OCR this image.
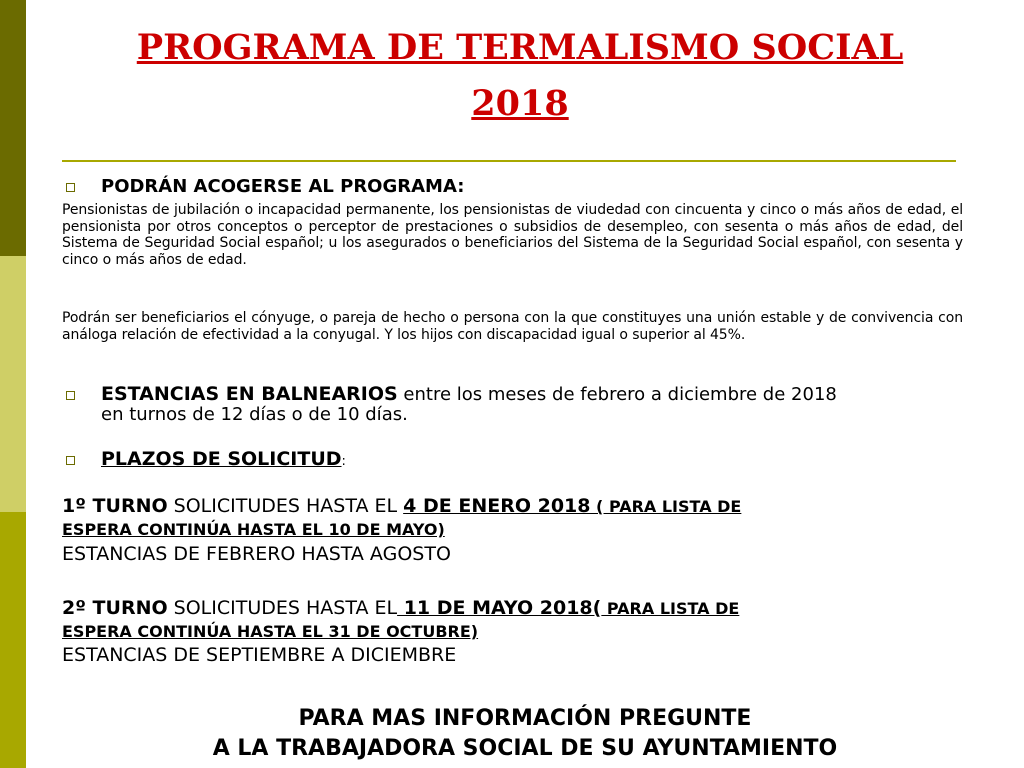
PROGRAMA DE TERMALISMO SOCIAL
2018
PODRÁN ACOGERSE AL PROGRAMA:

Pensionistas de jubilación o incapacidad permanente, los pensionistas de viudedad con cincuenta y cinco o más años de edad, el pensionista por otros conceptos o perceptor de prestaciones o subsidios de desempleo, con sesenta o más años de edad, del Sistema de Seguridad Social español; u los asegurados o beneficiarios del Sistema de la Seguridad Social español, con sesenta y cinco o más años de edad.

Podrán ser beneficiarios el cónyuge, o pareja de hecho o persona con la que constituyes una unión estable y de convivencia con análoga relación de efectividad a la conyugal. Y los hijos con discapacidad igual o superior al 45%.

ESTANCIAS EN BALNEARIOS entre los meses de febrero a diciembre de 2018
en turnos de 12 días o de 10 días.
PLAZOS DE SOLICITUD:
1º TURNO SOLICITUDES HASTA EL 4 DE ENERO 2018 ( PARA LISTA DE
ESPERA CONTINÚA HASTA EL 10 DE MAYO)
ESTANCIAS DE FEBRERO HASTA AGOSTO
2º TURNO SOLICITUDES HASTA EL 11 DE MAYO 2018( PARA LISTA DE
ESPERA CONTINÚA HASTA EL 31 DE OCTUBRE)
ESTANCIAS DE SEPTIEMBRE A DICIEMBRE
PARA MAS INFORMACIÓN PREGUNTE
A LA TRABAJADORA SOCIAL DE SU AYUNTAMIENTO
